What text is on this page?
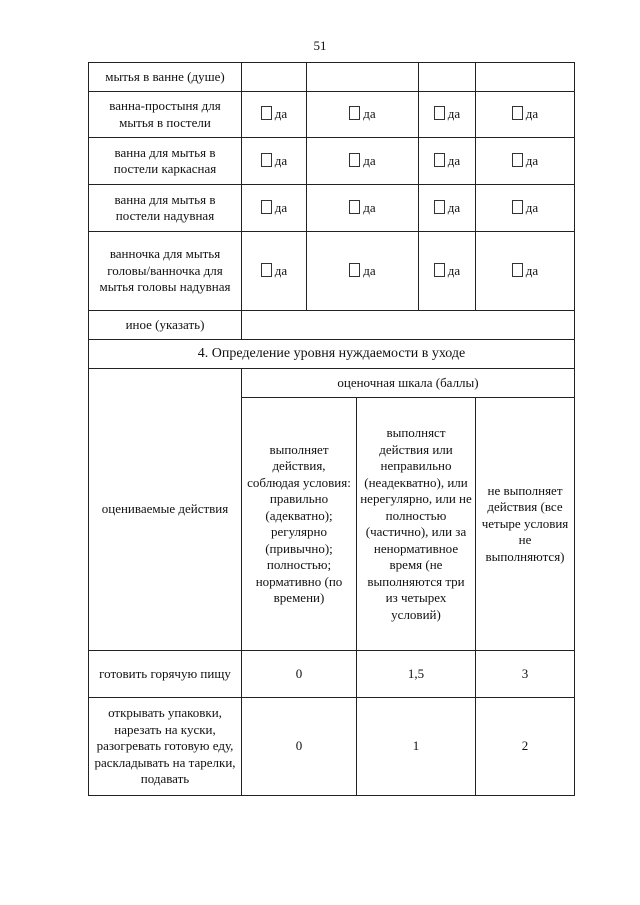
51
мытья в ванне (душе)					
ванна-простыня для мытья в постели	да	да		да	да
ванна для мытья в постели каркасная	да	да		да	да
ванна для мытья в постели надувная	да	да		да	да
ванночка для мытья головы/ванночка для мытья головы надувная	да	да		да	да
иное (указать)					
4. Определение уровня нуждаемости в уходе					
оцениваемые действия	оценочная шкала (баллы)				
	выполняет действия, соблюдая условия: правильно (адекватно); регулярно (привычно); полностью; нормативно (по времени)		выполняст действия или неправильно (неадекватно), или нерегулярно, или не полностью (частично), или за ненормативное время (не выполняются три из четырех условий)		не выполняет действия (все четыре условия не выполняются)
готовить горячую пищу	0		1,5		3
открывать упаковки, нарезать на куски, разогревать готовую еду, раскладывать на тарелки, подавать	0		1		2
